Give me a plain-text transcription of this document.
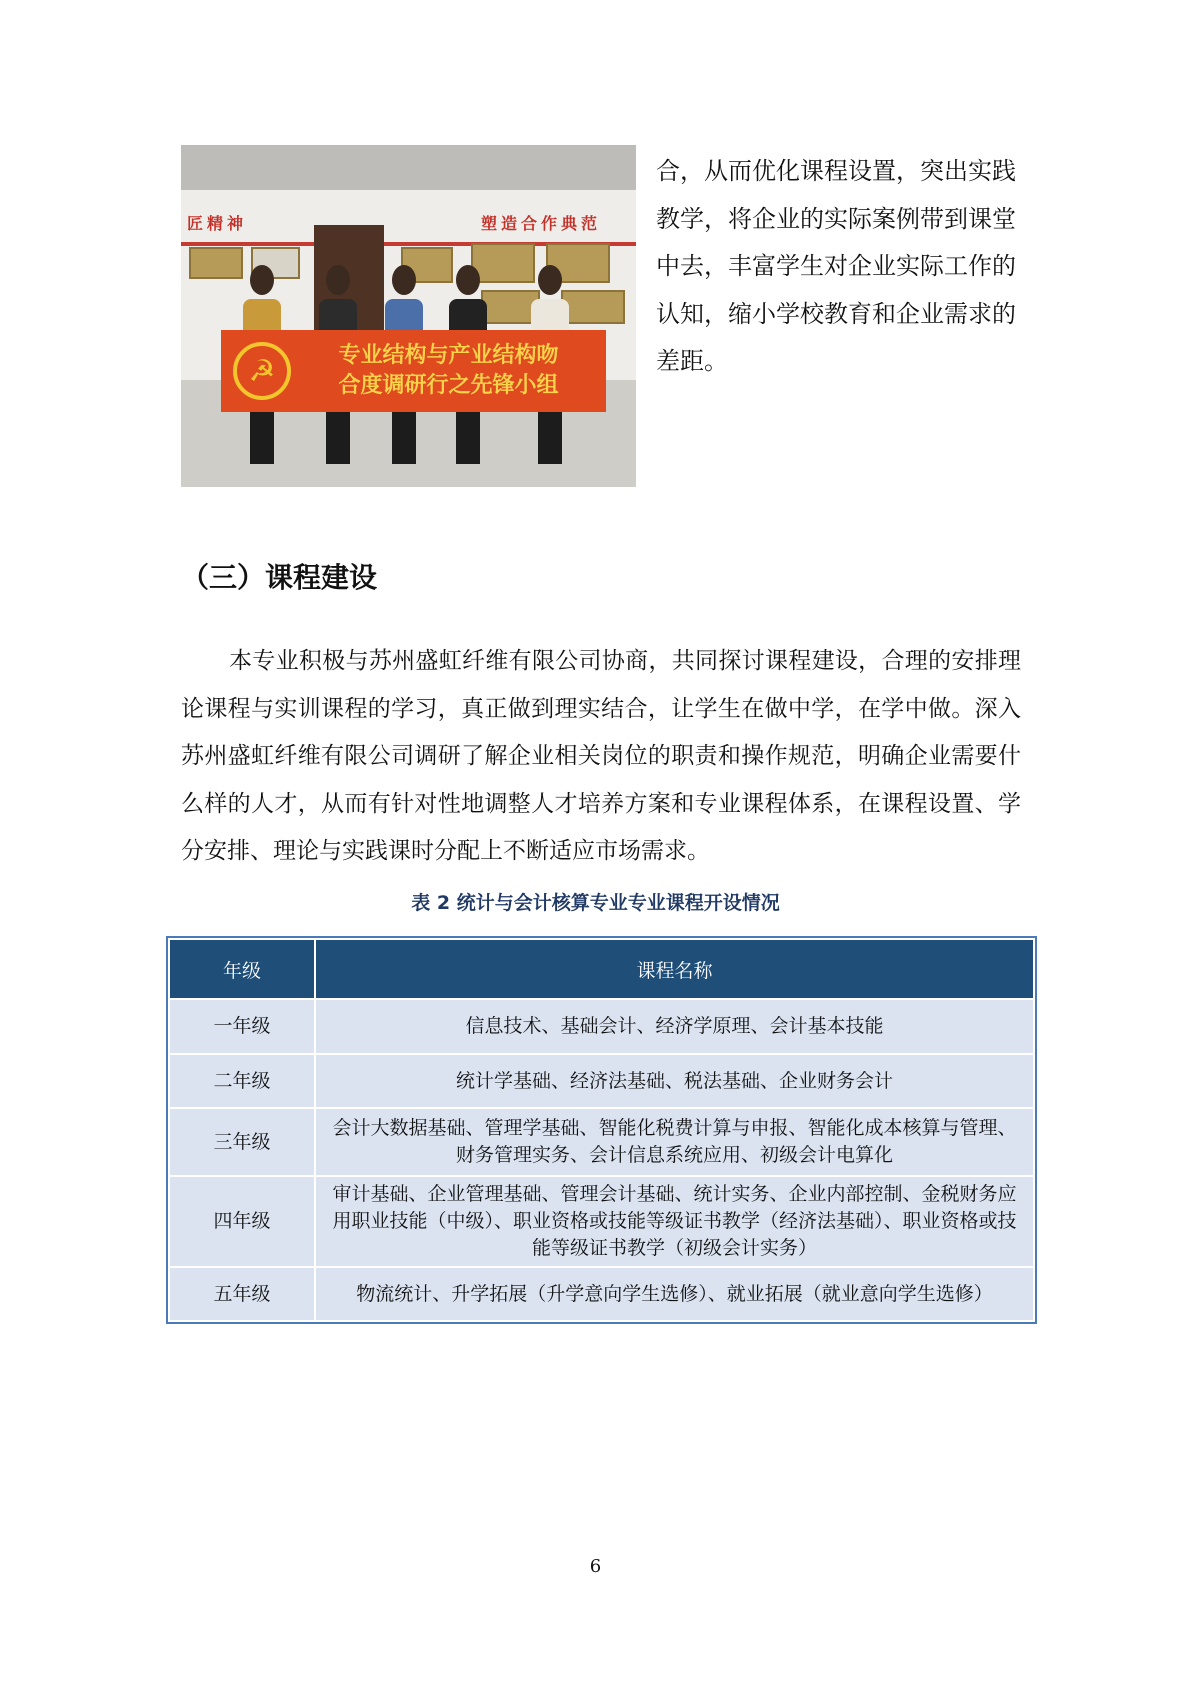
匠精神	塑造合作典范
☭	专业结构与产业结构吻
合度调研行之先锋小组
合，从而优化课程设置，突出实践教学，将企业的实际案例带到课堂中去，丰富学生对企业实际工作的认知，缩小学校教育和企业需求的差距。
（三）课程建设
本专业积极与苏州盛虹纤维有限公司协商，共同探讨课程建设，合理的安排理论课程与实训课程的学习，真正做到理实结合，让学生在做中学，在学中做。深入苏州盛虹纤维有限公司调研了解企业相关岗位的职责和操作规范，明确企业需要什么样的人才，从而有针对性地调整人才培养方案和专业课程体系，在课程设置、学分安排、理论与实践课时分配上不断适应市场需求。
表 2 统计与会计核算专业专业课程开设情况
年级	课程名称
一年级	信息技术、基础会计、经济学原理、会计基本技能
二年级	统计学基础、经济法基础、税法基础、企业财务会计
三年级	会计大数据基础、管理学基础、智能化税费计算与申报、智能化成本核算与管理、财务管理实务、会计信息系统应用、初级会计电算化
四年级	审计基础、企业管理基础、管理会计基础、统计实务、企业内部控制、金税财务应用职业技能（中级）、职业资格或技能等级证书教学（经济法基础）、职业资格或技能等级证书教学（初级会计实务）
五年级	物流统计、升学拓展（升学意向学生选修）、就业拓展（就业意向学生选修）
6
